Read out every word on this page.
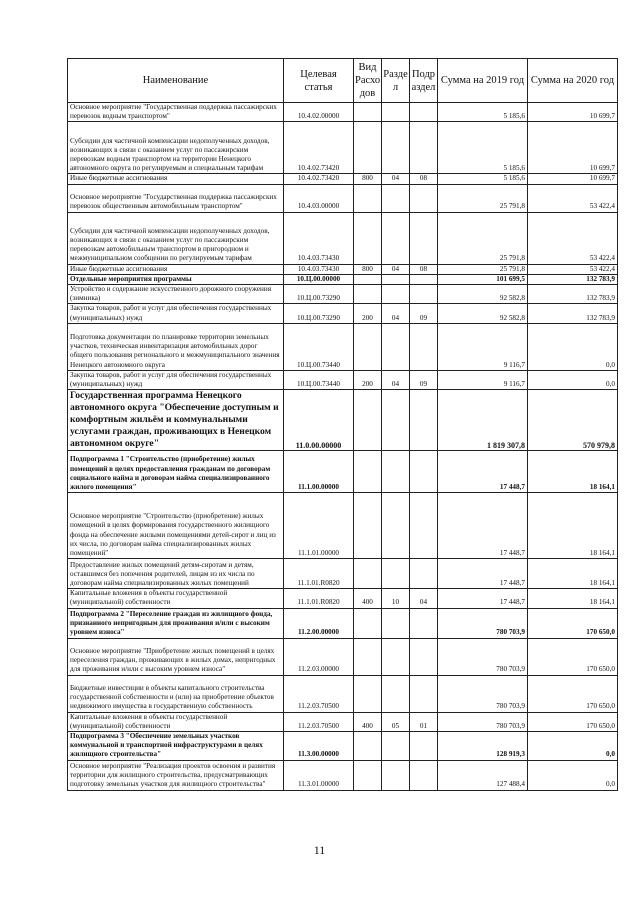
Наименование	Целевая статья	Вид Расхо дов	Разде л	Подр аздел	Сумма на 2019 год	Сумма на 2020 год
Основное мероприятие "Государственная поддержка пассажирских перевозок водным транспортом"	10.4.02.00000				5 185,6	10 699,7
Субсидии для частичной компенсации недополученных доходов, возникающих в связи с оказанием услуг по пассажирским перевозкам водным транспортом на территории Ненецкого автономного округа по регулируемым и специальным тарифам	10.4.02.73420				5 185,6	10 699,7
Иные бюджетные ассигнования	10.4.02.73420	800	04	08	5 185,6	10 699,7
Основное мероприятие "Государственная поддержка пассажирских перевозок общественным автомобильным транспортом"	10.4.03.00000				25 791,8	53 422,4
Субсидии для частичной компенсации недополученных доходов, возникающих в связи с оказанием услуг по пассажирским перевозкам автомобильным транспортом в пригородном и межмуниципальном сообщении по регулируемым тарифам	10.4.03.73430				25 791,8	53 422,4
Иные бюджетные ассигнования	10.4.03.73430	800	04	08	25 791,8	53 422,4
Отдельные мероприятия программы	10.Ц.00.00000				101 699,5	132 783,9
Устройство и содержание искусственного дорожного сооружения (зимника)	10.Ц.00.73290				92 582,8	132 783,9
Закупка товаров, работ и услуг для обеспечения государственных (муниципальных) нужд	10.Ц.00.73290	200	04	09	92 582,8	132 783,9
Подготовка документации по планировке территории земельных участков, техническая инвентаризация автомобильных дорог общего пользования регионального и межмуниципального значения Ненецкого автономного округа	10.Ц.00.73440				9 116,7	0,0
Закупка товаров, работ и услуг для обеспечения государственных (муниципальных) нужд	10.Ц.00.73440	200	04	09	9 116,7	0,0
Государственная программа Ненецкого автономного округа "Обеспечение доступным и комфортным жильём и коммунальными услугами граждан, проживающих в Ненецком автономном округе"	11.0.00.00000				1 819 307,8	570 979,8
Подпрограмма 1 "Строительство (приобретение) жилых помещений в целях предоставления гражданам по договорам социального найма и договорам найма специализированного жилого помещения"	11.1.00.00000				17 448,7	18 164,1
Основное мероприятие "Строительство (приобретение) жилых помещений в целях формирования государственного жилищного фонда на обеспечение жилыми помещениями детей-сирот и лиц из их числа, по договорам найма специализированных жилых помещений"	11.1.01.00000				17 448,7	18 164,1
Предоставление жилых помещений детям-сиротам и детям, оставшимся без попечения родителей, лицам из их числа по договорам найма специализированных жилых помещений	11.1.01.R0820				17 448,7	18 164,1
Капитальные вложения в объекты государственной (муниципальной) собственности	11.1.01.R0820	400	10	04	17 448,7	18 164,1
Подпрограмма 2 "Переселение граждан из жилищного фонда, признанного непригодным для проживания и/или с высоким уровнем износа"	11.2.00.00000				780 703,9	170 650,0
Основное мероприятие "Приобретение жилых помещений в целях переселения граждан, проживающих в жилых домах, непригодных для проживания и/или с высоким уровнем износа"	11.2.03.00000				780 703,9	170 650,0
Бюджетные инвестиции в объекты капитального строительства государственной собственности и (или) на приобретение объектов недвижимого имущества в государственную собственность	11.2.03.70500				780 703,9	170 650,0
Капитальные вложения в объекты государственной (муниципальной) собственности	11.2.03.70500	400	05	01	780 703,9	170 650,0
Подпрограмма 3 "Обеспечение земельных участков коммунальной и транспортной инфраструктурами в целях жилищного строительства"	11.3.00.00000				128 919,3	0,0
Основное мероприятие "Реализация проектов освоения и развития территории для жилищного строительства, предусматривающих подготовку земельных участков для жилищного строительства"	11.3.01.00000				127 488,4	0,0
11
